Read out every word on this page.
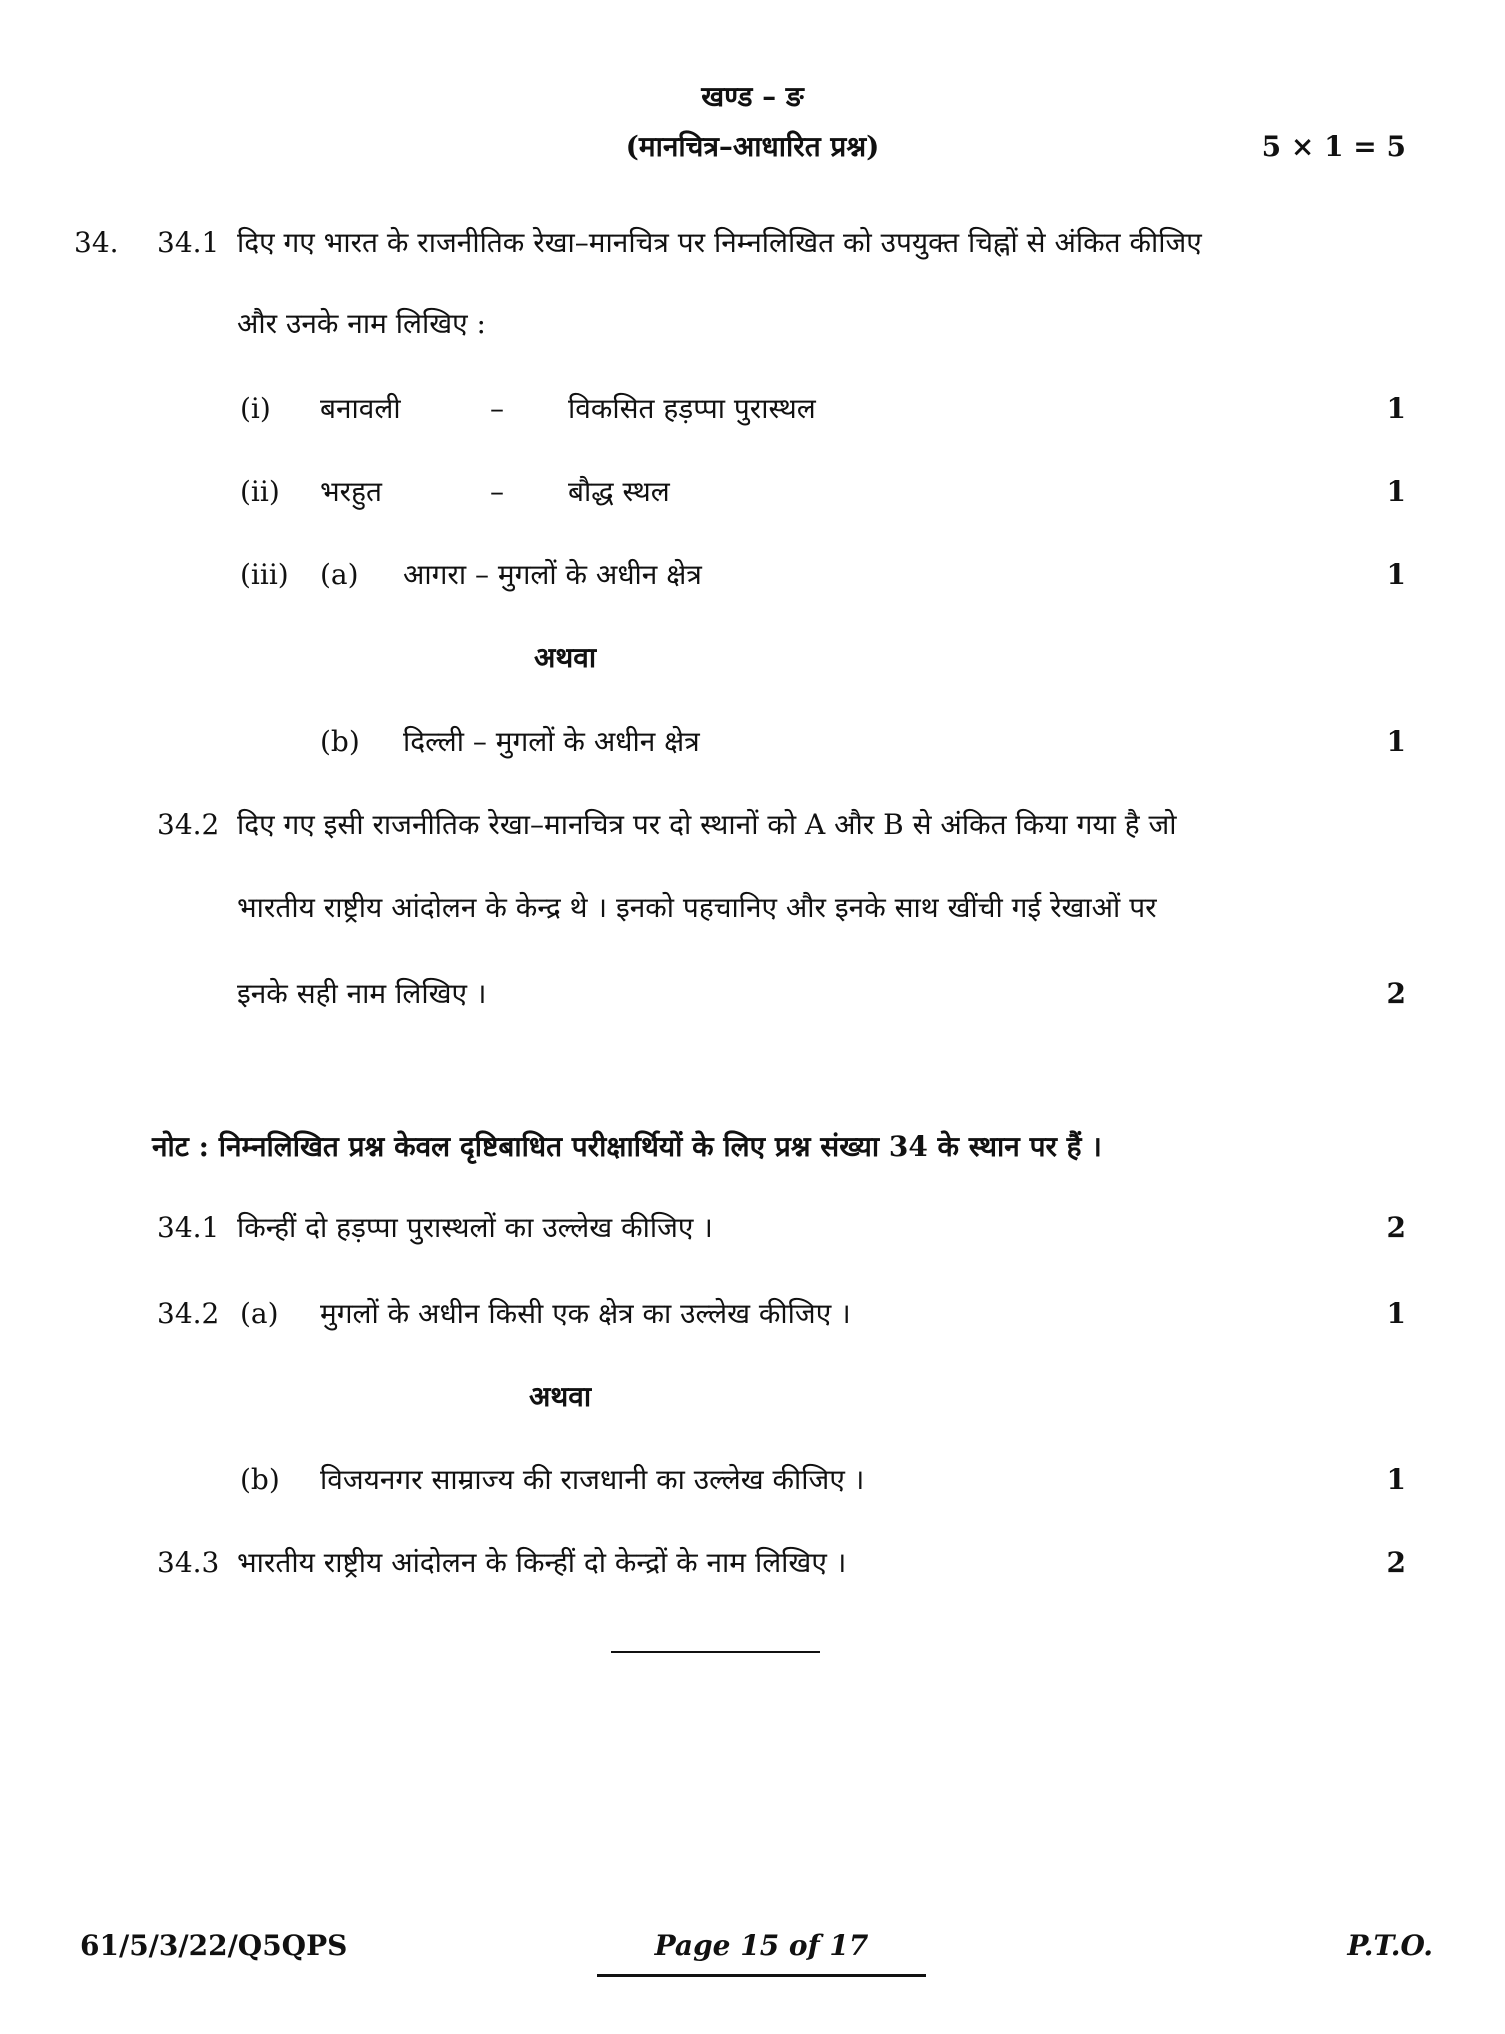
खण्ड – ङ
(मानचित्र–आधारित प्रश्न)	5 × 1 = 5
34. 34.1 दिए गए भारत के राजनीतिक रेखा–मानचित्र पर निम्नलिखित को उपयुक्त चिह्नों से अंकित कीजिए
और उनके नाम लिखिए :
(i) बनावली	– विकसित हड़प्पा पुरास्थल	1
(ii) भरहुत	– बौद्ध स्थल	1
(iii) (a) आगरा – मुगलों के अधीन क्षेत्र	1
अथवा
(b) दिल्ली – मुगलों के अधीन क्षेत्र	1
34.2 दिए गए इसी राजनीतिक रेखा–मानचित्र पर दो स्थानों को A और B से अंकित किया गया है जो
भारतीय राष्ट्रीय आंदोलन के केन्द्र थे । इनको पहचानिए और इनके साथ खींची गई रेखाओं पर
इनके सही नाम लिखिए ।	2
नोट : निम्नलिखित प्रश्न केवल दृष्टिबाधित परीक्षार्थियों के लिए प्रश्न संख्या 34 के स्थान पर हैं ।
34.1 किन्हीं दो हड़प्पा पुरास्थलों का उल्लेख कीजिए ।	2
34.2 (a) मुगलों के अधीन किसी एक क्षेत्र का उल्लेख कीजिए ।	1
अथवा
(b) विजयनगर साम्राज्य की राजधानी का उल्लेख कीजिए ।	1
34.3 भारतीय राष्ट्रीय आंदोलन के किन्हीं दो केन्द्रों के नाम लिखिए ।	2
61/5/3/22/Q5QPS	Page 15 of 17	P.T.O.
